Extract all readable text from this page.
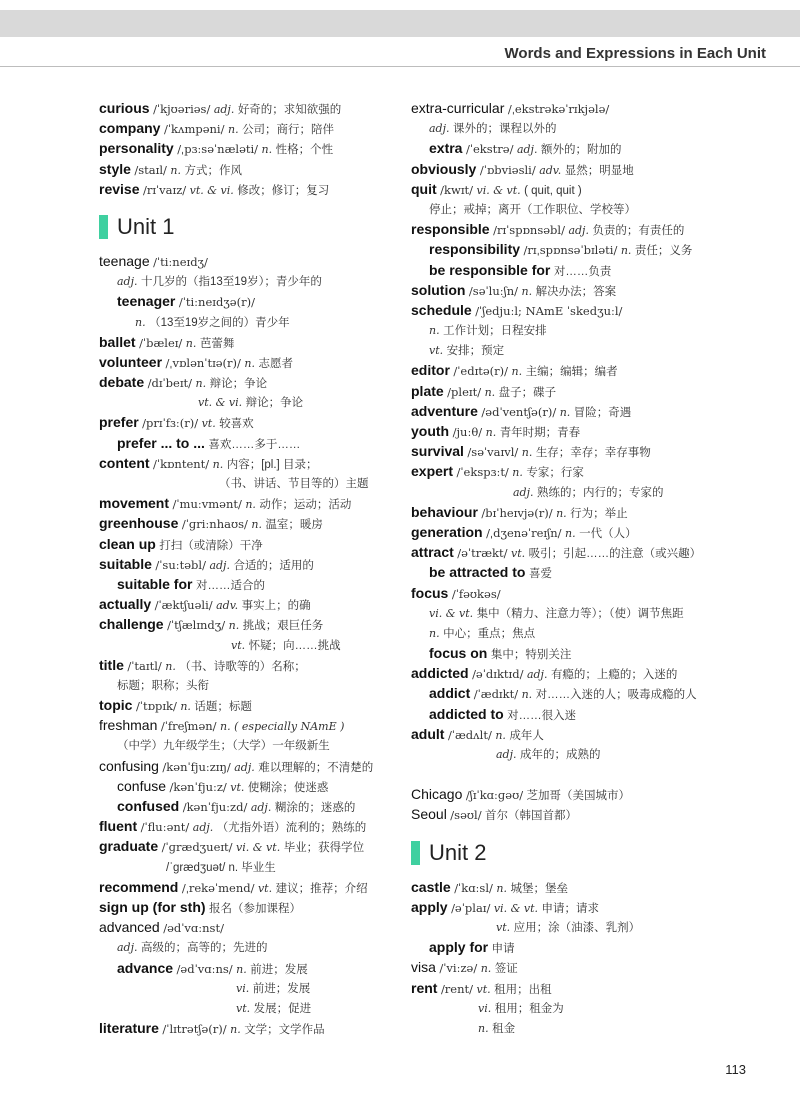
Words and Expressions in Each Unit
curious /ˈkjʊəriəs/ adj. 好奇的；求知欲强的
company /ˈkʌmpəni/ n. 公司；商行；陪伴
personality /ˌpɜːsəˈnæləti/ n. 性格；个性
style /staɪl/ n. 方式；作风
revise /rɪˈvaɪz/ vt. & vi. 修改；修订；复习
Unit 1
teenage /ˈtiːneɪdʒ/
adj. 十几岁的（指13至19岁）；青少年的
teenager /ˈtiːneɪdʒə(r)/
n. （13至19岁之间的）青少年
ballet /ˈbæleɪ/ n. 芭蕾舞
volunteer /ˌvɒlənˈtɪə(r)/ n. 志愿者
debate /dɪˈbeɪt/ n. 辩论；争论
vt. & vi. 辩论；争论
prefer /prɪˈfɜː(r)/ vt. 较喜欢
prefer ... to ... 喜欢……多于……
content /ˈkɒntent/ n. 内容；[pl.] 目录；
（书、讲话、节目等的）主题
movement /ˈmuːvmənt/ n. 动作；运动；活动
greenhouse /ˈɡriːnhaʊs/ n. 温室；暖房
clean up 打扫（或清除）干净
suitable /ˈsuːtəbl/ adj. 合适的；适用的
suitable for 对……适合的
actually /ˈæktʃuəli/ adv. 事实上；的确
challenge /ˈtʃælɪndʒ/ n. 挑战；艰巨任务
vt. 怀疑；向……挑战
title /ˈtaɪtl/ n. （书、诗歌等的）名称；
标题；职称；头衔
topic /ˈtɒpɪk/ n. 话题；标题
freshman /ˈfreʃmən/ n. ( especially NAmE )
（中学）九年级学生；（大学）一年级新生
confusing /kənˈfjuːzɪŋ/ adj. 难以理解的；不清楚的
confuse /kənˈfjuːz/ vt. 使糊涂；使迷惑
confused /kənˈfjuːzd/ adj. 糊涂的；迷惑的
fluent /ˈfluːənt/ adj. （尤指外语）流利的；熟练的
graduate /ˈɡrædʒueɪt/ vi. & vt. 毕业；获得学位
/ˈɡrædʒuət/ n. 毕业生
recommend /ˌrekəˈmend/ vt. 建议；推荐；介绍
sign up (for sth) 报名（参加课程）
advanced /ədˈvɑːnst/
adj. 高级的；高等的；先进的
advance /ədˈvɑːns/ n. 前进；发展
vi. 前进；发展
vt. 发展；促进
literature /ˈlɪtrətʃə(r)/ n. 文学；文学作品
extra-curricular /ˌekstrəkəˈrɪkjələ/
adj. 课外的；课程以外的
extra /ˈekstrə/ adj. 额外的；附加的
obviously /ˈɒbviəsli/ adv. 显然；明显地
quit /kwɪt/ vi. & vt. ( quit, quit )
停止；戒掉；离开（工作职位、学校等）
responsible /rɪˈspɒnsəbl/ adj. 负责的；有责任的
responsibility /rɪˌspɒnsəˈbɪləti/ n. 责任；义务
be responsible for 对……负责
solution /səˈluːʃn/ n. 解决办法；答案
schedule /ˈʃedjuːl; NAmE ˈskedʒuːl/
n. 工作计划；日程安排
vt. 安排；预定
editor /ˈedɪtə(r)/ n. 主编；编辑；编者
plate /pleɪt/ n. 盘子；碟子
adventure /ədˈventʃə(r)/ n. 冒险；奇遇
youth /juːθ/ n. 青年时期；青春
survival /səˈvaɪvl/ n. 生存；幸存；幸存事物
expert /ˈekspɜːt/ n. 专家；行家
adj. 熟练的；内行的；专家的
behaviour /bɪˈheɪvjə(r)/ n. 行为；举止
generation /ˌdʒenəˈreɪʃn/ n. 一代（人）
attract /əˈtrækt/ vt. 吸引；引起……的注意（或兴趣）
be attracted to 喜爱
focus /ˈfəʊkəs/
vi. & vt. 集中（精力、注意力等）；（使）调节焦距
n. 中心；重点；焦点
focus on 集中；特别关注
addicted /əˈdɪktɪd/ adj. 有瘾的；上瘾的；入迷的
addict /ˈædɪkt/ n. 对……入迷的人；吸毒成瘾的人
addicted to 对……很入迷
adult /ˈædʌlt/ n. 成年人
adj. 成年的；成熟的
Chicago /ʃɪˈkɑːɡəʊ/ 芝加哥（美国城市）
Seoul /səʊl/ 首尔（韩国首都）
Unit 2
castle /ˈkɑːsl/ n. 城堡；堡垒
apply /əˈplaɪ/ vi. & vt. 申请；请求
vt. 应用；涂（油漆、乳剂）
apply for 申请
visa /ˈviːzə/ n. 签证
rent /rent/ vt. 租用；出租
vi. 租用；租金为
n. 租金
113
